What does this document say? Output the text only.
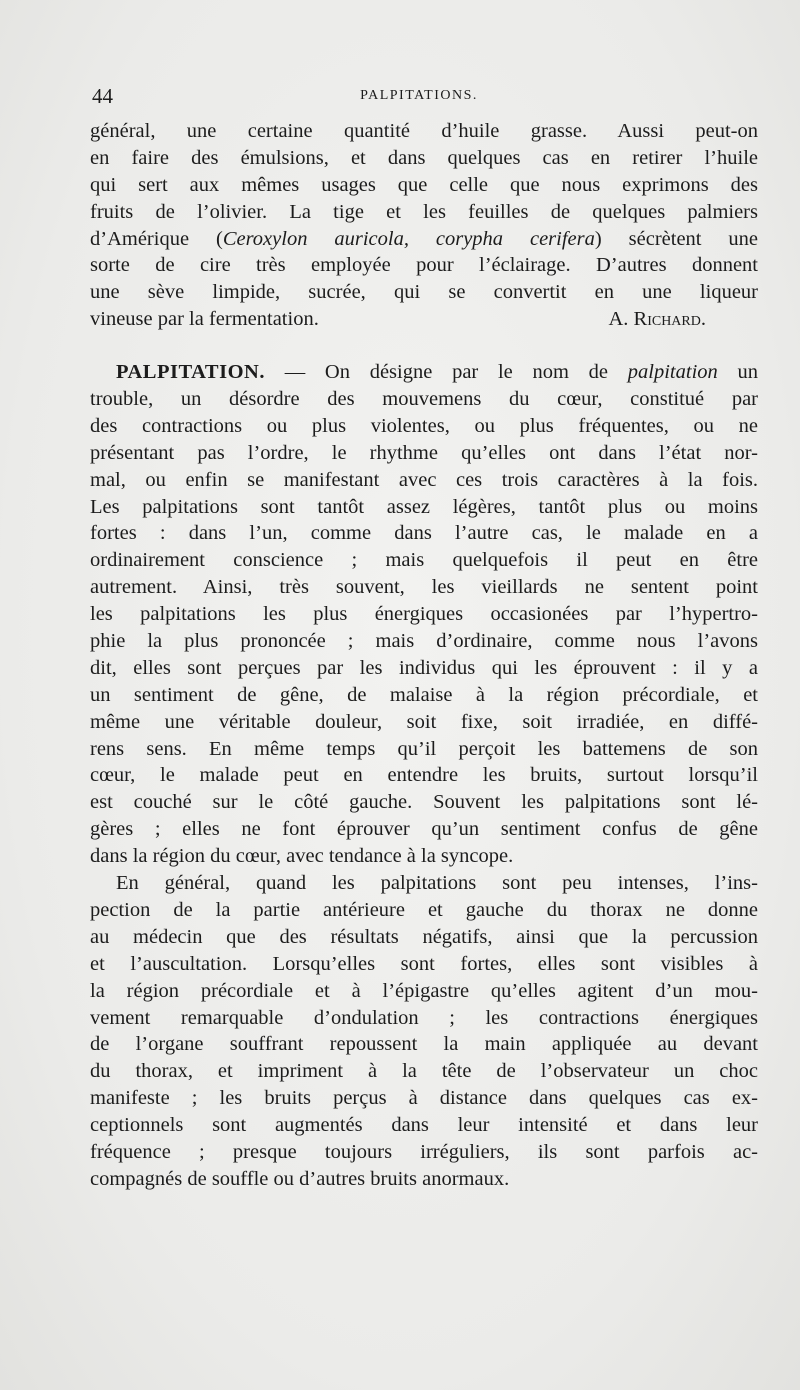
44	PALPITATIONS.
général, une certaine quantité d’huile grasse. Aussi peut-on
en faire des émulsions, et dans quelques cas en retirer l’huile
qui sert aux mêmes usages que celle que nous exprimons des
fruits de l’olivier. La tige et les feuilles de quelques palmiers
d’Amérique (Ceroxylon auricola, corypha cerifera) sécrètent une
sorte de cire très employée pour l’éclairage. D’autres donnent
une sève limpide, sucrée, qui se convertit en une liqueur
vineuse par la fermentation.	A. Richard.
PALPITATION. — On désigne par le nom de palpitation un
trouble, un désordre des mouvemens du cœur, constitué par
des contractions ou plus violentes, ou plus fréquentes, ou ne
présentant pas l’ordre, le rhythme qu’elles ont dans l’état nor-
mal, ou enfin se manifestant avec ces trois caractères à la fois.
Les palpitations sont tantôt assez légères, tantôt plus ou moins
fortes : dans l’un, comme dans l’autre cas, le malade en a
ordinairement conscience ; mais quelquefois il peut en être
autrement. Ainsi, très souvent, les vieillards ne sentent point
les palpitations les plus énergiques occasionées par l’hypertro-
phie la plus prononcée ; mais d’ordinaire, comme nous l’avons
dit, elles sont perçues par les individus qui les éprouvent : il y a
un sentiment de gêne, de malaise à la région précordiale, et
même une véritable douleur, soit fixe, soit irradiée, en diffé-
rens sens. En même temps qu’il perçoit les battemens de son
cœur, le malade peut en entendre les bruits, surtout lorsqu’il
est couché sur le côté gauche. Souvent les palpitations sont lé-
gères ; elles ne font éprouver qu’un sentiment confus de gêne
dans la région du cœur, avec tendance à la syncope.
En général, quand les palpitations sont peu intenses, l’ins-
pection de la partie antérieure et gauche du thorax ne donne
au médecin que des résultats négatifs, ainsi que la percussion
et l’auscultation. Lorsqu’elles sont fortes, elles sont visibles à
la région précordiale et à l’épigastre qu’elles agitent d’un mou-
vement remarquable d’ondulation ; les contractions énergiques
de l’organe souffrant repoussent la main appliquée au devant
du thorax, et impriment à la tête de l’observateur un choc
manifeste ; les bruits perçus à distance dans quelques cas ex-
ceptionnels sont augmentés dans leur intensité et dans leur
fréquence ; presque toujours irréguliers, ils sont parfois ac-
compagnés de souffle ou d’autres bruits anormaux.
